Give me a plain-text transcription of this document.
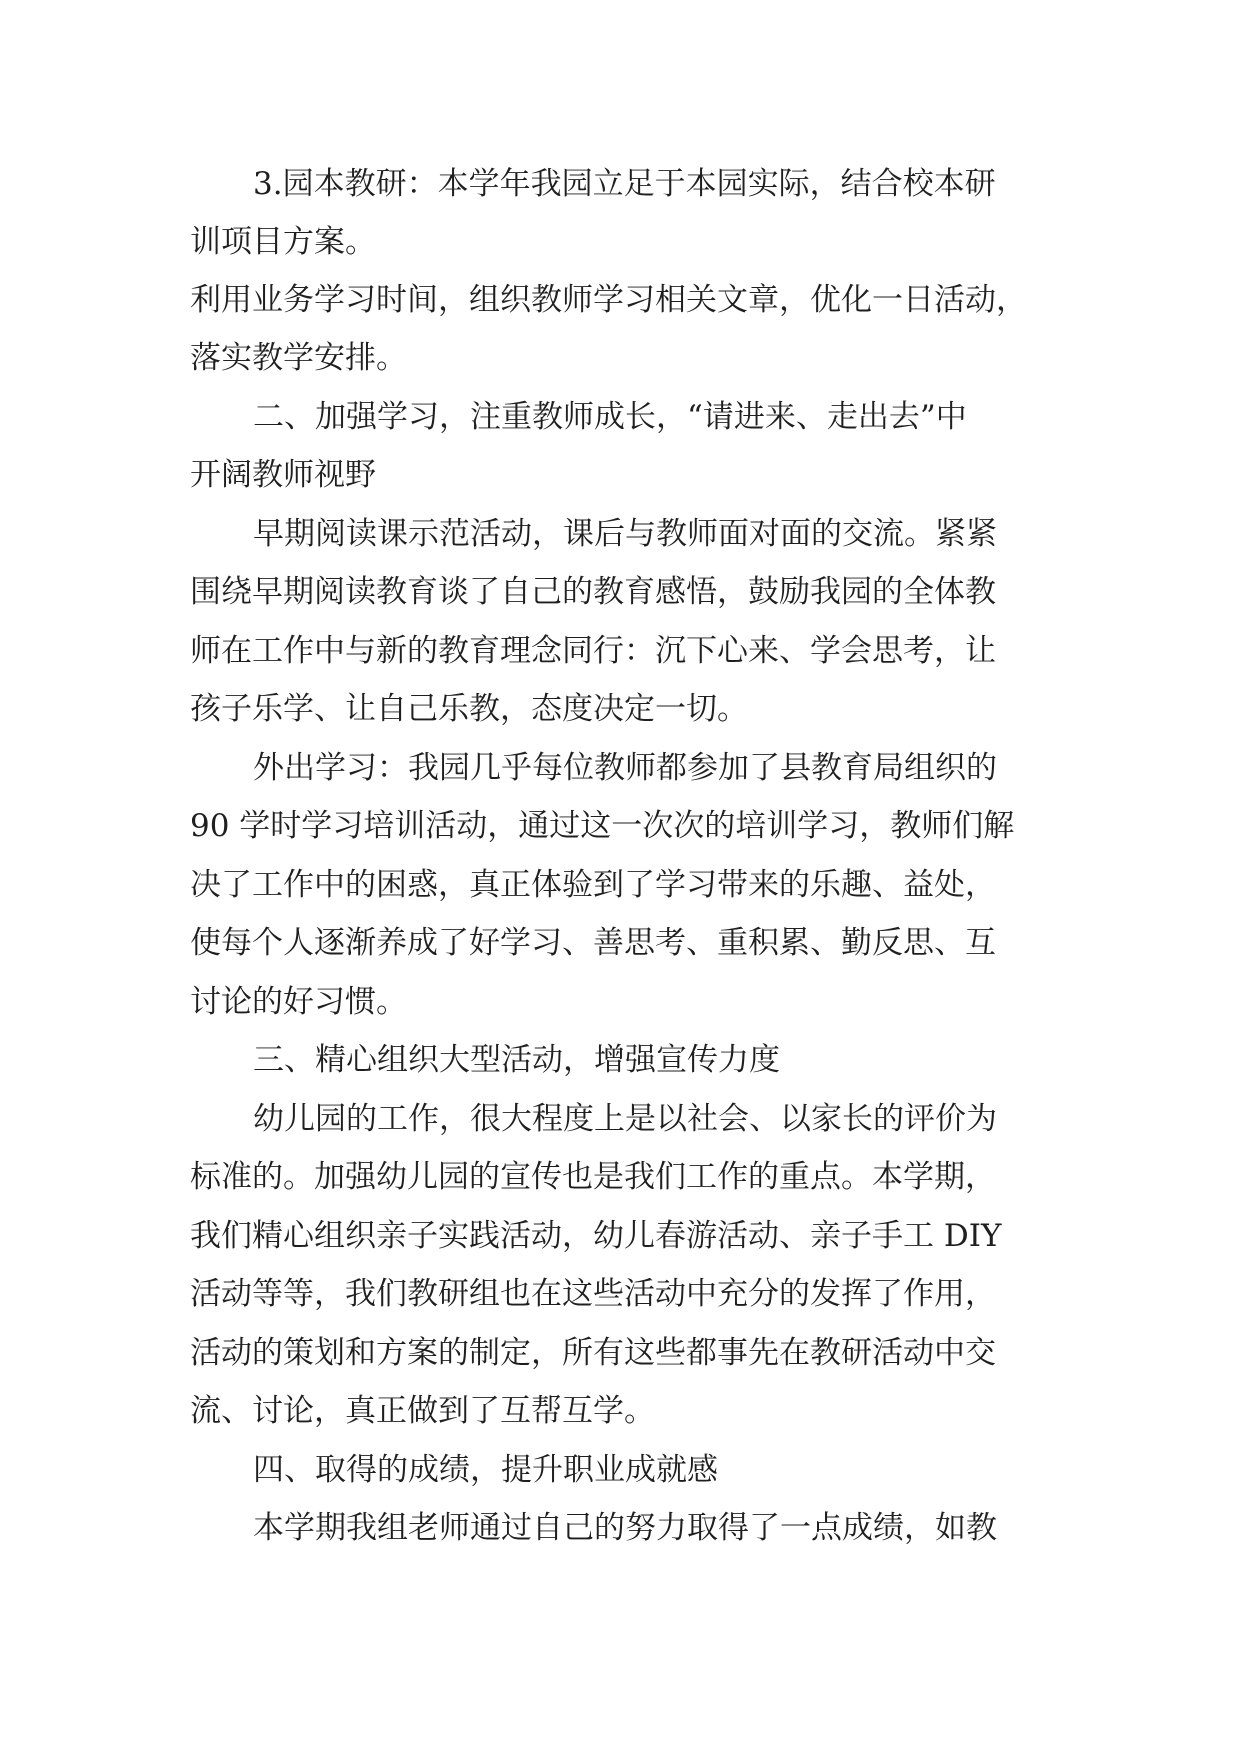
3.园本教研：本学年我园立足于本园实际，结合校本研
训项目方案。
利用业务学习时间，组织教师学习相关文章，优化一日活动，
落实教学安排。
二、加强学习，注重教师成长，“请进来、走出去”中
开阔教师视野
早期阅读课示范活动，课后与教师面对面的交流。紧紧
围绕早期阅读教育谈了自己的教育感悟，鼓励我园的全体教
师在工作中与新的教育理念同行：沉下心来、学会思考，让
孩子乐学、让自己乐教，态度决定一切。
外出学习：我园几乎每位教师都参加了县教育局组织的
90 学时学习培训活动，通过这一次次的培训学习，教师们解
决了工作中的困惑，真正体验到了学习带来的乐趣、益处，
使每个人逐渐养成了好学习、善思考、重积累、勤反思、互
讨论的好习惯。
三、精心组织大型活动，增强宣传力度
幼儿园的工作，很大程度上是以社会、以家长的评价为
标准的。加强幼儿园的宣传也是我们工作的重点。本学期，
我们精心组织亲子实践活动，幼儿春游活动、亲子手工 DIY
活动等等，我们教研组也在这些活动中充分的发挥了作用，
活动的策划和方案的制定，所有这些都事先在教研活动中交
流、讨论，真正做到了互帮互学。
四、取得的成绩，提升职业成就感
本学期我组老师通过自己的努力取得了一点成绩，如教
